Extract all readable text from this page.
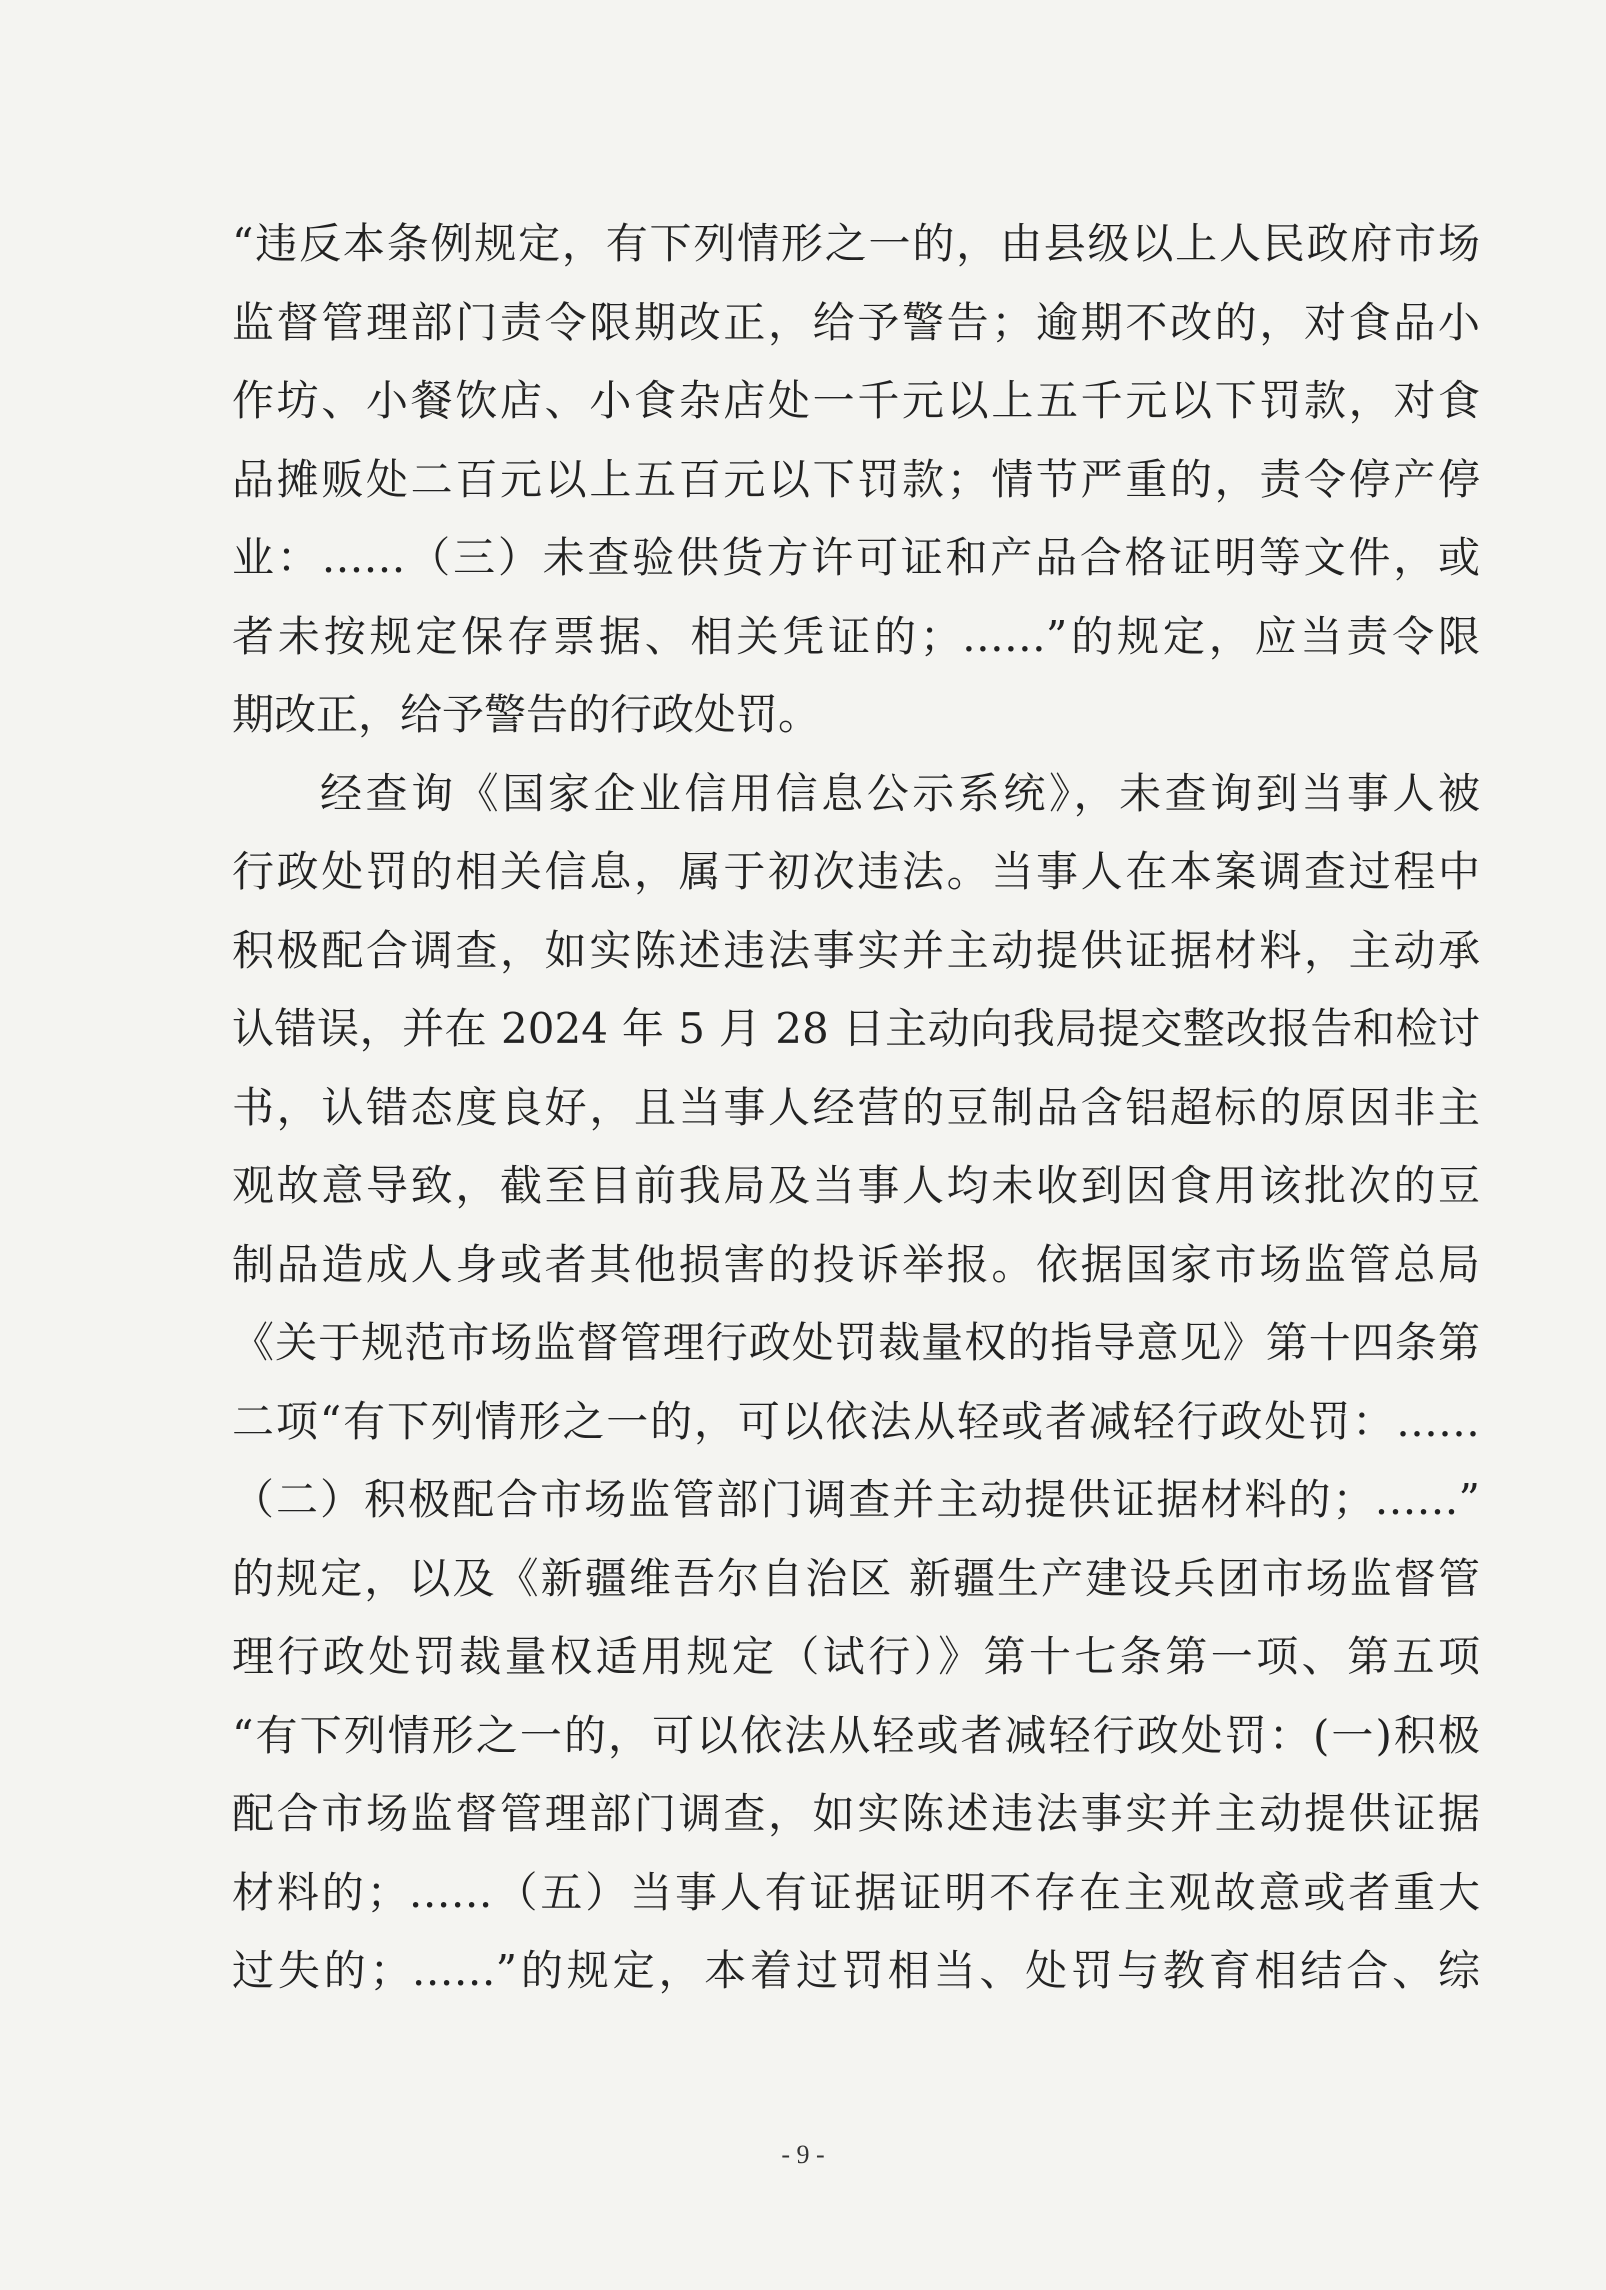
“违反本条例规定，有下列情形之一的，由县级以上人民政府市场
监督管理部门责令限期改正，给予警告；逾期不改的，对食品小
作坊、小餐饮店、小食杂店处一千元以上五千元以下罚款，对食
品摊贩处二百元以上五百元以下罚款；情节严重的，责令停产停
业：……（三）未查验供货方许可证和产品合格证明等文件，或
者未按规定保存票据、相关凭证的；……”的规定，应当责令限
期改正，给予警告的行政处罚。
经查询《国家企业信用信息公示系统》，未查询到当事人被
行政处罚的相关信息，属于初次违法。当事人在本案调查过程中
积极配合调查，如实陈述违法事实并主动提供证据材料，主动承
认错误，并在 2024 年 5 月 28 日主动向我局提交整改报告和检讨
书，认错态度良好，且当事人经营的豆制品含铝超标的原因非主
观故意导致，截至目前我局及当事人均未收到因食用该批次的豆
制品造成人身或者其他损害的投诉举报。依据国家市场监管总局
《关于规范市场监督管理行政处罚裁量权的指导意见》第十四条第
二项“有下列情形之一的，可以依法从轻或者减轻行政处罚：……
（二）积极配合市场监管部门调查并主动提供证据材料的；……”
的规定，以及《新疆维吾尔自治区 新疆生产建设兵团市场监督管
理行政处罚裁量权适用规定（试行）》第十七条第一项、第五项
“有下列情形之一的，可以依法从轻或者减轻行政处罚：(一)积极
配合市场监督管理部门调查，如实陈述违法事实并主动提供证据
材料的；……（五）当事人有证据证明不存在主观故意或者重大
过失的；……”的规定，本着过罚相当、处罚与教育相结合、综
- 9 -
